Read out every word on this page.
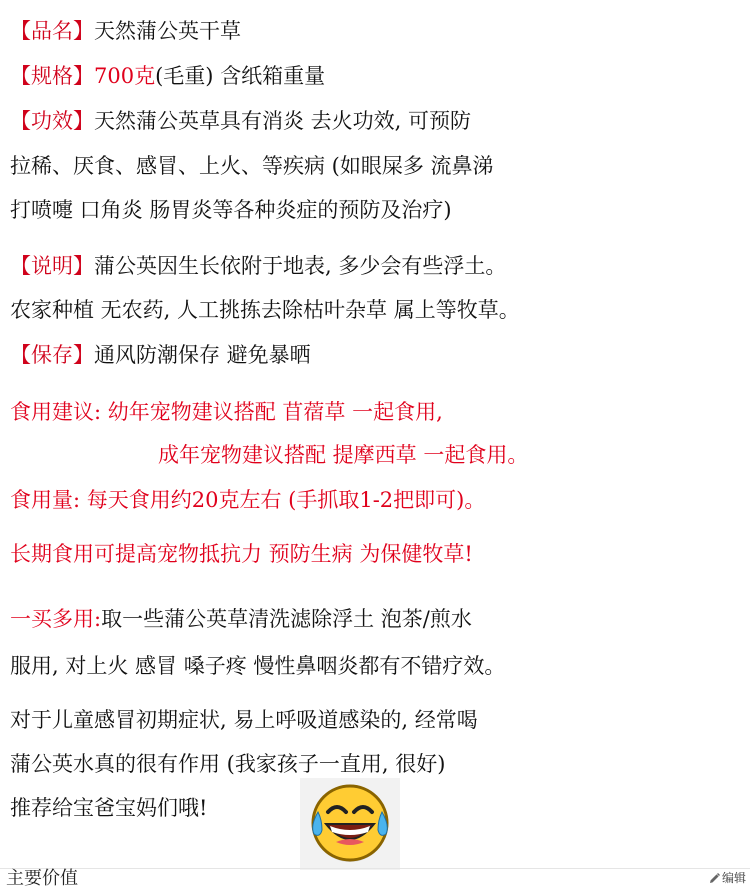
【品名】天然蒲公英干草
【规格】700克(毛重) 含纸箱重量
【功效】天然蒲公英草具有消炎 去火功效, 可预防
拉稀、厌食、感冒、上火、等疾病 (如眼屎多 流鼻涕
打喷嚏 口角炎 肠胃炎等各种炎症的预防及治疗)
【说明】蒲公英因生长依附于地表, 多少会有些浮土。
农家种植 无农药, 人工挑拣去除枯叶杂草 属上等牧草。
【保存】通风防潮保存 避免暴晒
食用建议: 幼年宠物建议搭配 苜蓿草 一起食用,
成年宠物建议搭配 提摩西草 一起食用。
食用量: 每天食用约20克左右 (手抓取1-2把即可)。
长期食用可提高宠物抵抗力 预防生病 为保健牧草!
一买多用:取一些蒲公英草清洗滤除浮土 泡茶/煎水
服用, 对上火 感冒 嗓子疼 慢性鼻咽炎都有不错疗效。
对于儿童感冒初期症状, 易上呼吸道感染的, 经常喝
蒲公英水真的很有作用 (我家孩子一直用, 很好)
推荐给宝爸宝妈们哦!
主要价值	编辑
